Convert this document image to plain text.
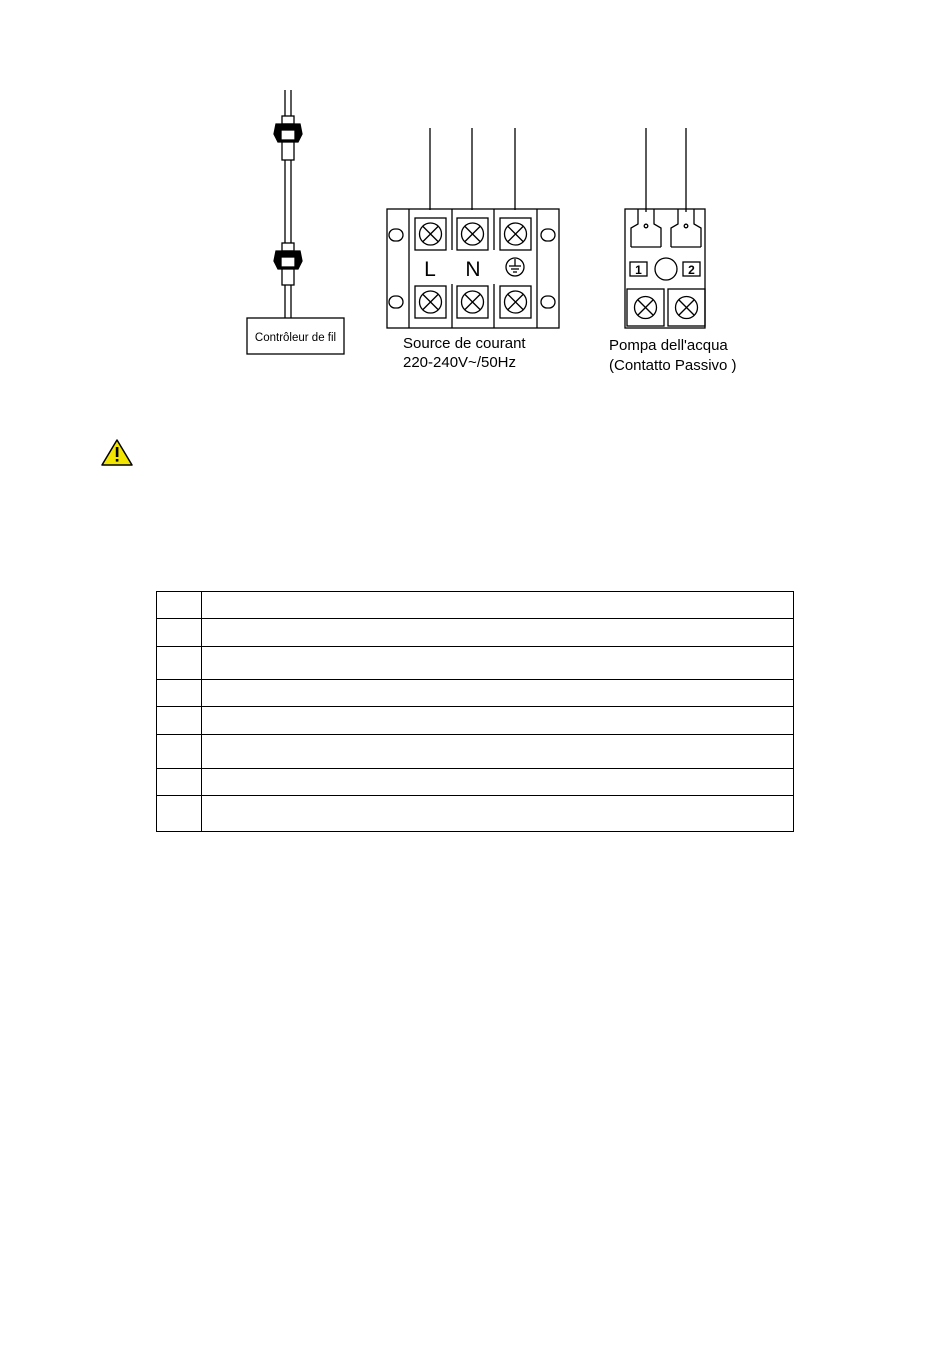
L N	1	2
Contrôleur de fil	Source de courant
220-240V~/50Hz
Pompa dell'acqua
(Contatto Passivo )
